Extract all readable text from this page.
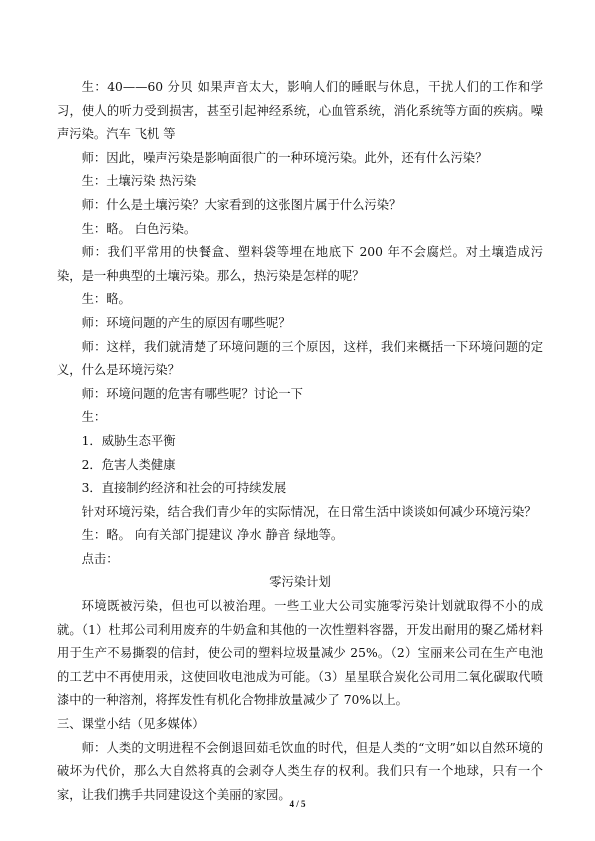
生：40——60 分贝 如果声音太大，影响人们的睡眠与休息，干扰人们的工作和学习，使人的听力受到损害，甚至引起神经系统，心血管系统，消化系统等方面的疾病。噪声污染。汽车 飞机 等

师：因此，噪声污染是影响面很广的一种环境污染。此外，还有什么污染？

生：土壤污染 热污染

师：什么是土壤污染？大家看到的这张图片属于什么污染？

生：略。 白色污染。

师：我们平常用的快餐盒、塑料袋等埋在地底下 200 年不会腐烂。对土壤造成污染，是一种典型的土壤污染。那么，热污染是怎样的呢？

生：略。

师：环境问题的产生的原因有哪些呢？

师：这样，我们就清楚了环境问题的三个原因，这样，我们来概括一下环境问题的定义，什么是环境污染？

师：环境问题的危害有哪些呢？讨论一下

生：

1．威胁生态平衡

2．危害人类健康

3．直接制约经济和社会的可持续发展

针对环境污染，结合我们青少年的实际情况，在日常生活中谈谈如何减少环境污染？

生：略。 向有关部门提建议 净水 静音 绿地等。

点击：

零污染计划

环境既被污染，但也可以被治理。一些工业大公司实施零污染计划就取得不小的成就。（1）杜邦公司利用废弃的牛奶盒和其他的一次性塑料容器，开发出耐用的聚乙烯材料用于生产不易撕裂的信封，使公司的塑料垃圾量减少 25%。（2）宝丽来公司在生产电池的工艺中不再使用汞，这使回收电池成为可能。（3）星星联合炭化公司用二氧化碳取代喷漆中的一种溶剂，将挥发性有机化合物排放量减少了 70%以上。

三、课堂小结（见多媒体）

师：人类的文明进程不会倒退回茹毛饮血的时代，但是人类的“文明”如以自然环境的破坏为代价，那么大自然将真的会剥夺人类生存的权利。我们只有一个地球，只有一个家，让我们携手共同建设这个美丽的家园。

4 / 5
